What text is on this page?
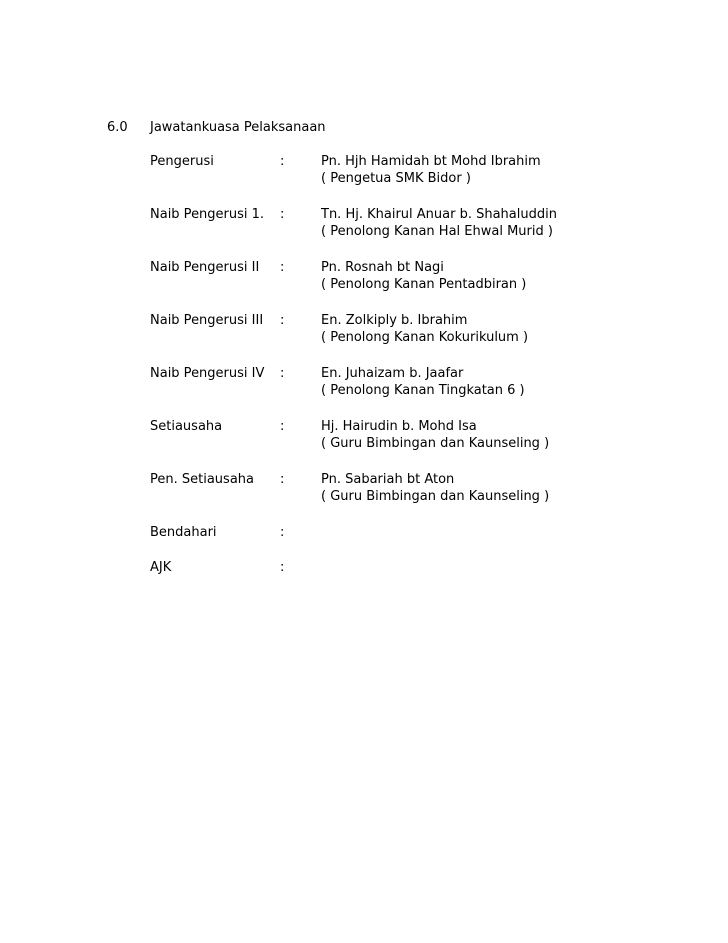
6.0 Jawatankuasa Pelaksanaan
Pengerusi	:	Pn. Hjh Hamidah bt Mohd Ibrahim
( Pengetua SMK Bidor )
Naib Pengerusi 1. :	Tn. Hj. Khairul Anuar b. Shahaluddin
( Penolong Kanan Hal Ehwal Murid )
Naib Pengerusi II :	Pn. Rosnah bt Nagi
( Penolong Kanan Pentadbiran )
Naib Pengerusi III :	En. Zolkiply b. Ibrahim
( Penolong Kanan Kokurikulum )
Naib Pengerusi IV :	En. Juhaizam b. Jaafar
( Penolong Kanan Tingkatan 6 )
Setiausaha	:	Hj. Hairudin b. Mohd Isa
( Guru Bimbingan dan Kaunseling )
Pen. Setiausaha :	Pn. Sabariah bt Aton
( Guru Bimbingan dan Kaunseling )
Bendahari	:
AJK	:
